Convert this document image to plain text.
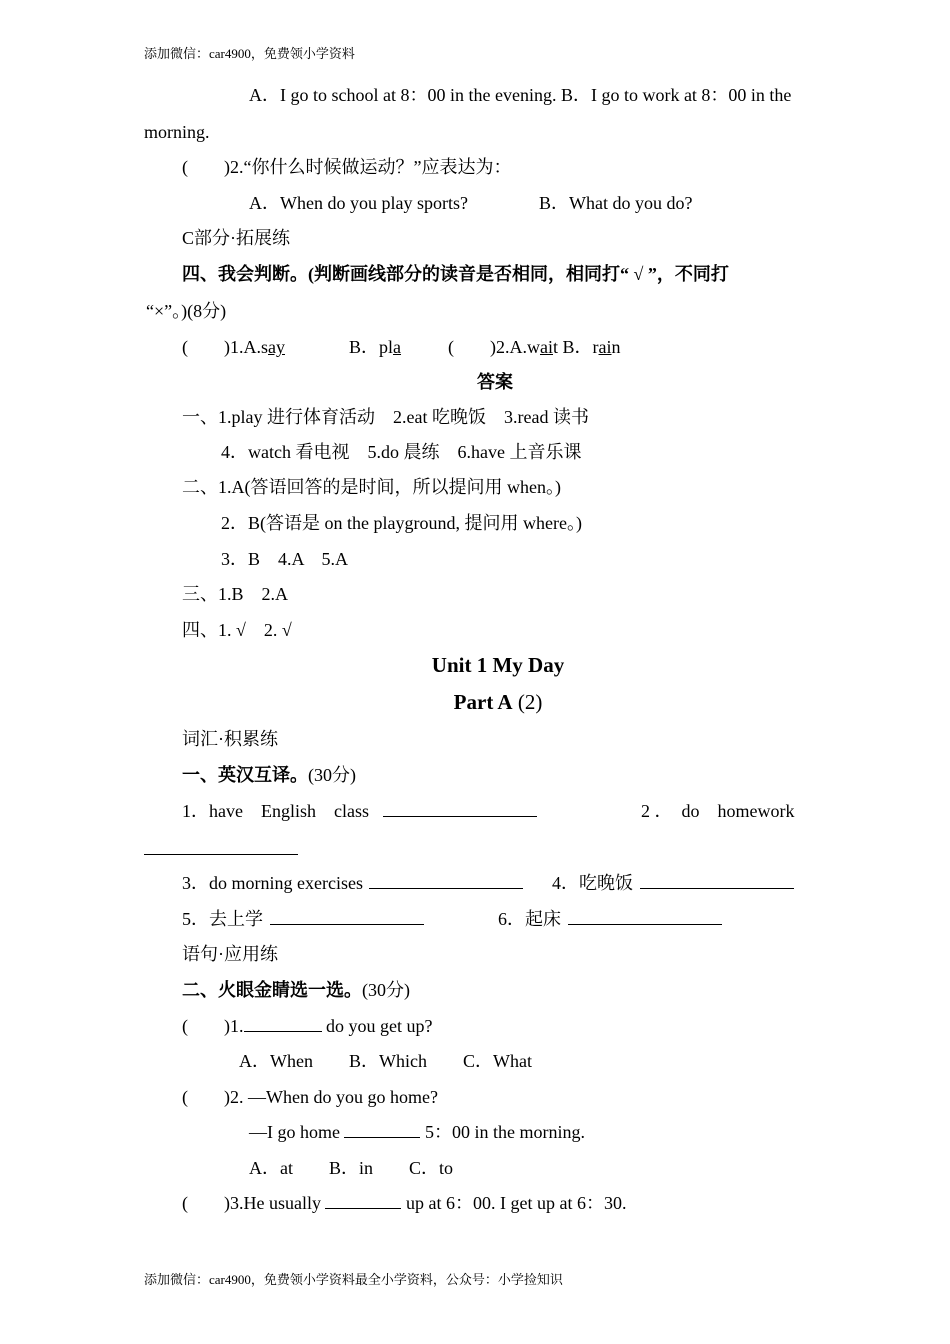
添加微信：car4900，免费领小学资料
A．I go to school at 8：00 in the evening. B．I go to work at 8：00 in the
morning.
(　　)2.“你什么时候做运动？”应表达为：
A．When do you play sports?	B．What do you do?
C部分·拓展练
四、我会判断。(判断画线部分的读音是否相同，相同打“ √ ”，不同打
“×”。)(8分)
(　　)1.A.say	B．pla	(　　)2.A.wait B．rain
答案
一、1.play 进行体育活动　2.eat 吃晚饭　3.read 读书
4．watch 看电视　5.do 晨练　6.have 上音乐课
二、1.A(答语回答的是时间，所以提问用 when。)
2．B(答语是 on the playground, 提问用 where。)
3．B　4.A　5.A
三、1.B　2.A
四、1. √　2. √
Unit 1 My Day
Part A (2)
词汇·积累练
一、英汉互译。(30分)
1．have　English　class	2 ．　do　homework
3．do morning exercises	4．吃晚饭
5．去上学	6．起床
语句·应用练
二、火眼金睛选一选。(30分)
(　　)1.	do you get up?
A．When　　B．Which　　C．What
(　　)2. —When do you go home?
—I go home	5：00 in the morning.
A．at　　B．in　　C．to
(　　)3.He usually	up at 6：00. I get up at 6：30.
添加微信：car4900，免费领小学资料最全小学资料，公众号：小学捡知识
